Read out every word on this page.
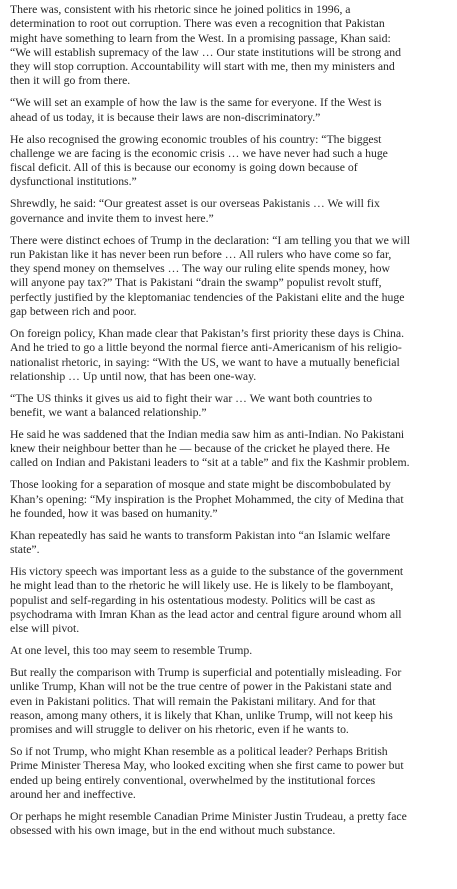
There was, consistent with his rhetoric since he joined politics in 1996, a
determination to root out corruption. There was even a recognition that Pakistan
might have something to learn from the West. In a promising passage, Khan said:
“We will establish supremacy of the law … Our state institutions will be strong and
they will stop corruption. Accountability will start with me, then my ministers and
then it will go from there.

“We will set an example of how the law is the same for everyone. If the West is
ahead of us today, it is because their laws are non-discriminatory.”

He also recognised the growing economic troubles of his country: “The biggest
challenge we are facing is the economic crisis … we have never had such a huge
fiscal deficit. All of this is because our economy is going down because of
dysfunctional institutions.”

Shrewdly, he said: “Our greatest asset is our overseas Pakistanis … We will fix
governance and invite them to invest here.”

There were distinct echoes of Trump in the declaration: “I am telling you that we will
run Pakistan like it has never been run before … All rulers who have come so far,
they spend money on themselves … The way our ruling elite spends money, how
will anyone pay tax?” That is Pakistani “drain the swamp” populist revolt stuff,
perfectly justified by the kleptomaniac tendencies of the Pakistani elite and the huge
gap between rich and poor.

On foreign policy, Khan made clear that Pakistan’s first priority these days is China.
And he tried to go a little beyond the normal fierce anti-Americanism of his religio-
nationalist rhetoric, in saying: “With the US, we want to have a mutually beneficial
relationship … Up until now, that has been one-way.

“The US thinks it gives us aid to fight their war … We want both countries to
benefit, we want a balanced relationship.”

He said he was saddened that the Indian media saw him as anti-Indian. No Pakistani
knew their neighbour better than he — because of the cricket he played there. He
called on Indian and Pakistani leaders to “sit at a table” and fix the Kashmir problem.

Those looking for a separation of mosque and state might be discombobulated by
Khan’s opening: “My inspiration is the Prophet Mohammed, the city of Medina that
he founded, how it was based on humanity.”

Khan repeatedly has said he wants to transform Pakistan into “an Islamic welfare
state”.

His victory speech was important less as a guide to the substance of the government
he might lead than to the rhetoric he will likely use. He is likely to be flamboyant,
populist and self-regarding in his ostentatious modesty. Politics will be cast as
psychodrama with Imran Khan as the lead actor and central figure around whom all
else will pivot.

At one level, this too may seem to resemble Trump.

But really the comparison with Trump is superficial and potentially misleading. For
unlike Trump, Khan will not be the true centre of power in the Pakistani state and
even in Pakistani politics. That will remain the Pakistani military. And for that
reason, among many others, it is likely that Khan, unlike Trump, will not keep his
promises and will struggle to deliver on his rhetoric, even if he wants to.

So if not Trump, who might Khan resemble as a political leader? Perhaps British
Prime Minister Theresa May, who looked exciting when she first came to power but
ended up being entirely conventional, overwhelmed by the institutional forces
around her and ineffective.

Or perhaps he might resemble Canadian Prime Minister Justin Trudeau, a pretty face
obsessed with his own image, but in the end without much substance.
